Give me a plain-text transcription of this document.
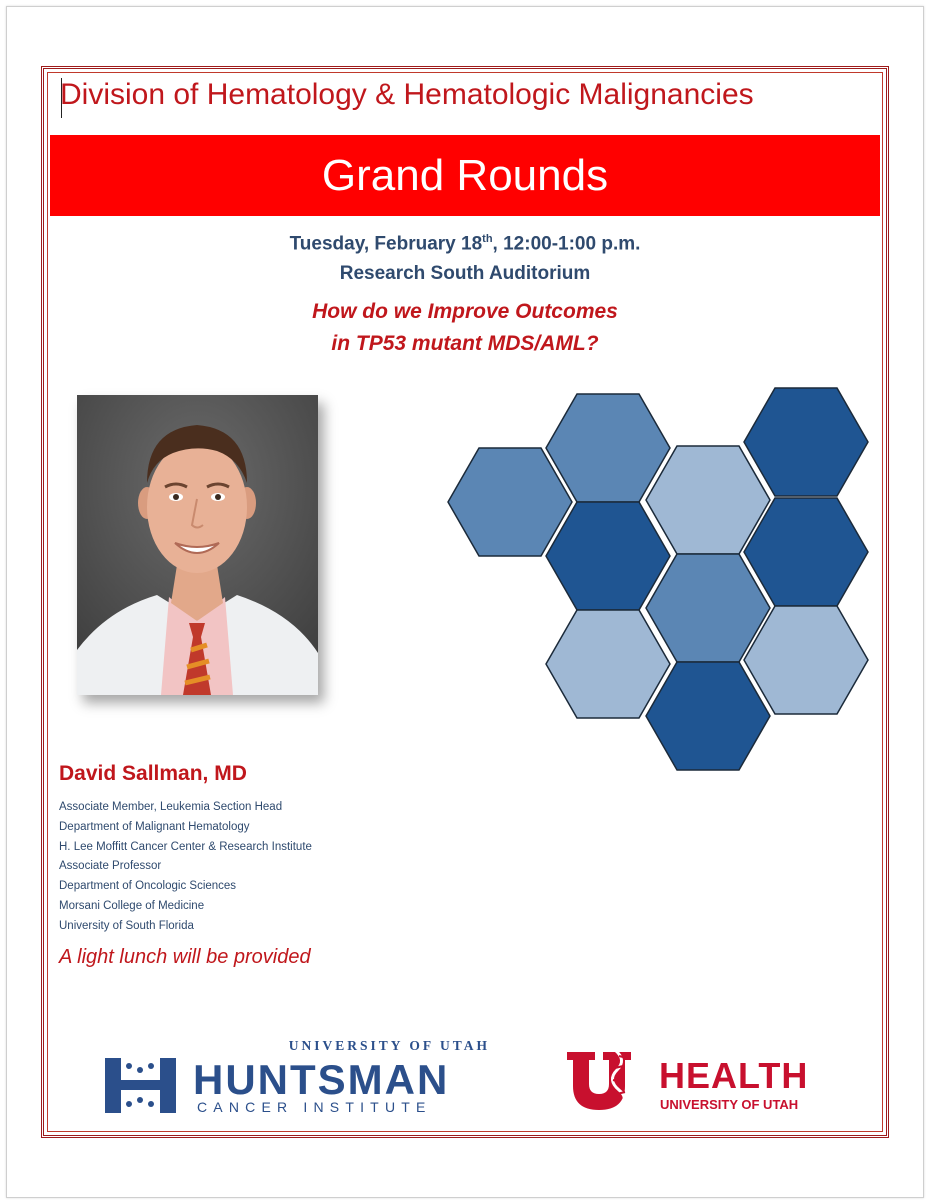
Division of Hematology & Hematologic Malignancies
Grand Rounds
Tuesday, February 18th, 12:00-1:00 p.m.
Research South Auditorium
How do we Improve Outcomes
in TP53 mutant MDS/AML?
David Sallman, MD
Associate Member, Leukemia Section Head
Department of Malignant Hematology
H. Lee Moffitt Cancer Center & Research Institute
Associate Professor
Department of Oncologic Sciences
Morsani College of Medicine
University of South Florida
A light lunch will be provided
UNIVERSITY OF UTAH
HUNTSMAN
CANCER INSTITUTE
HEALTH
UNIVERSITY OF UTAH
